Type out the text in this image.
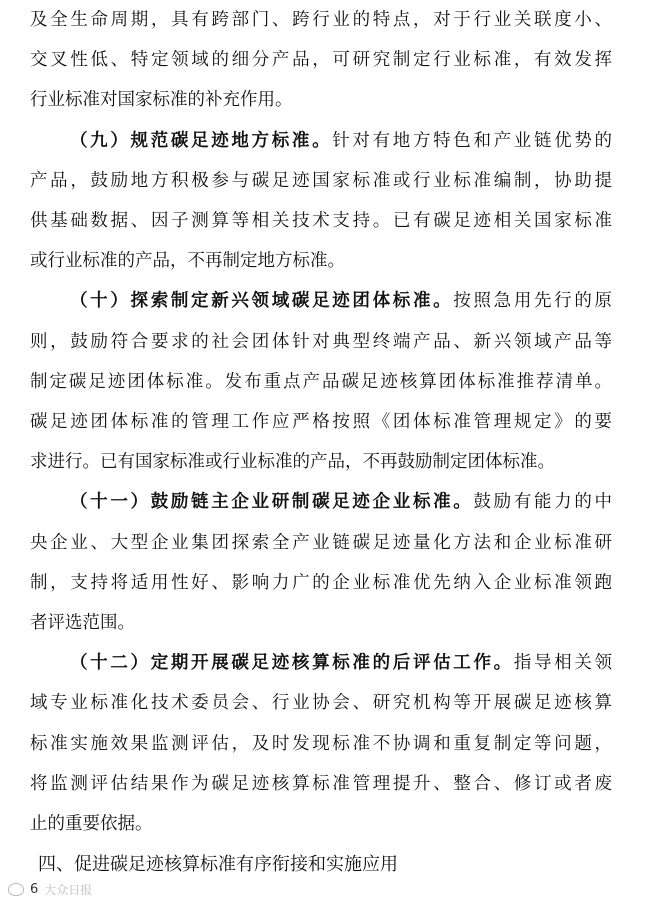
及全生命周期，具有跨部门、跨行业的特点，对于行业关联度小、
交叉性低、特定领域的细分产品，可研究制定行业标准，有效发挥
行业标准对国家标准的补充作用。
（九）规范碳足迹地方标准。针对有地方特色和产业链优势的
产品，鼓励地方积极参与碳足迹国家标准或行业标准编制，协助提
供基础数据、因子测算等相关技术支持。已有碳足迹相关国家标准
或行业标准的产品，不再制定地方标准。
（十）探索制定新兴领域碳足迹团体标准。按照急用先行的原
则，鼓励符合要求的社会团体针对典型终端产品、新兴领域产品等
制定碳足迹团体标准。发布重点产品碳足迹核算团体标准推荐清单。
碳足迹团体标准的管理工作应严格按照《团体标准管理规定》的要
求进行。已有国家标准或行业标准的产品，不再鼓励制定团体标准。
（十一）鼓励链主企业研制碳足迹企业标准。鼓励有能力的中
央企业、大型企业集团探索全产业链碳足迹量化方法和企业标准研
制，支持将适用性好、影响力广的企业标准优先纳入企业标准领跑
者评选范围。
（十二）定期开展碳足迹核算标准的后评估工作。指导相关领
域专业标准化技术委员会、行业协会、研究机构等开展碳足迹核算
标准实施效果监测评估，及时发现标准不协调和重复制定等问题，
将监测评估结果作为碳足迹核算标准管理提升、整合、修订或者废
止的重要依据。
6 大众日报
四、促进碳足迹核算标准有序衔接和实施应用
